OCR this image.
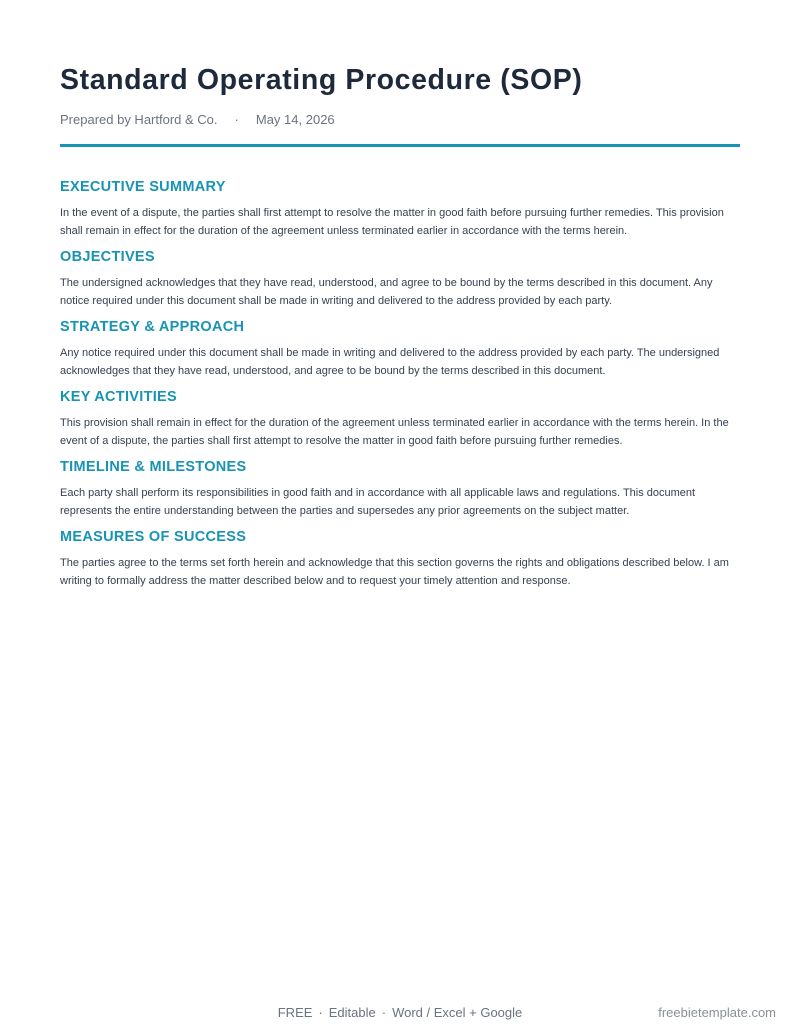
Standard Operating Procedure (SOP)
Prepared by Hartford & Co. · May 14, 2026
EXECUTIVE SUMMARY

In the event of a dispute, the parties shall first attempt to resolve the matter in good faith before pursuing further remedies. This provision shall remain in effect for the duration of the agreement unless terminated earlier in accordance with the terms herein.

OBJECTIVES

The undersigned acknowledges that they have read, understood, and agree to be bound by the terms described in this document. Any notice required under this document shall be made in writing and delivered to the address provided by each party.

STRATEGY & APPROACH

Any notice required under this document shall be made in writing and delivered to the address provided by each party. The undersigned acknowledges that they have read, understood, and agree to be bound by the terms described in this document.

KEY ACTIVITIES

This provision shall remain in effect for the duration of the agreement unless terminated earlier in accordance with the terms herein. In the event of a dispute, the parties shall first attempt to resolve the matter in good faith before pursuing further remedies.

TIMELINE & MILESTONES

Each party shall perform its responsibilities in good faith and in accordance with all applicable laws and regulations. This document represents the entire understanding between the parties and supersedes any prior agreements on the subject matter.

MEASURES OF SUCCESS

The parties agree to the terms set forth herein and acknowledge that this section governs the rights and obligations described below. I am writing to formally address the matter described below and to request your timely attention and response.

FREE · Editable · Word / Excel + Google	freebietemplate.com
